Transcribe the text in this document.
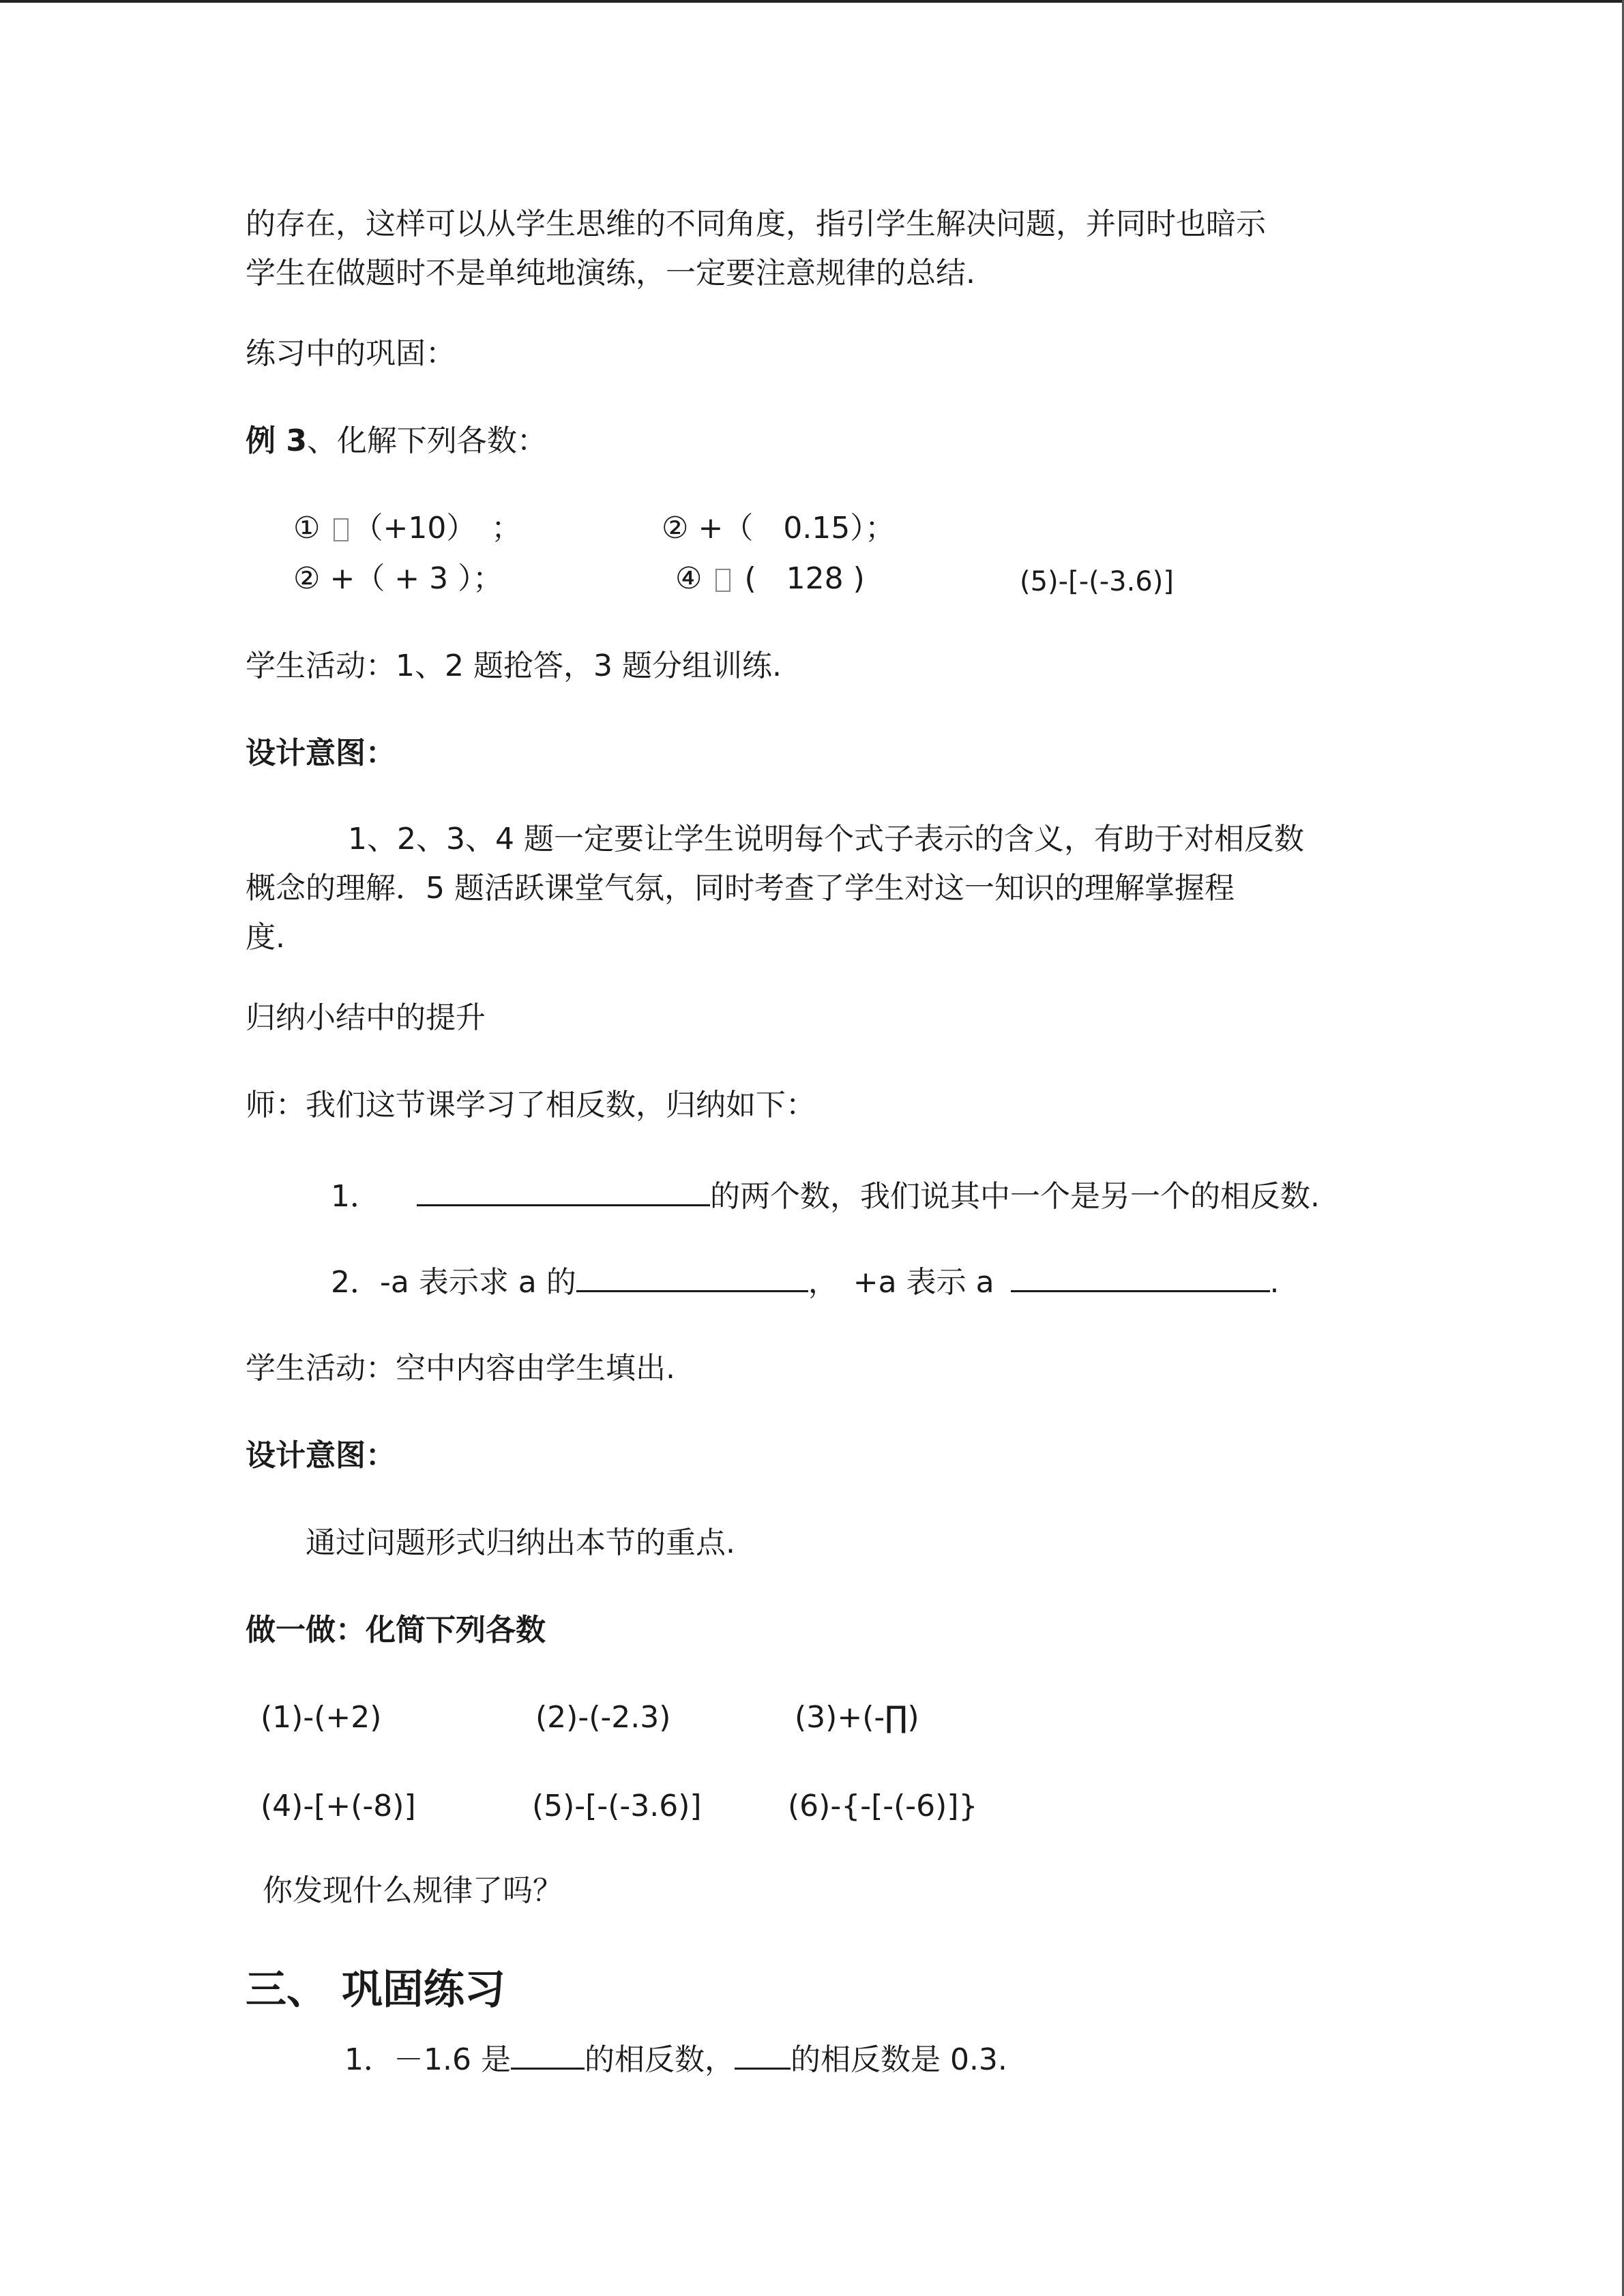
的存在，这样可以从学生思维的不同角度，指引学生解决问题，并同时也暗示
学生在做题时不是单纯地演练，一定要注意规律的总结.
练习中的巩固：
例 3、化解下列各数：
① （+10）　；	② +（　0.15）；
② +（ + 3 ）；	④ (　128 )	(5)-[-(-3.6)]
学生活动：1、2 题抢答，3 题分组训练.
设计意图：
1、2、3、4 题一定要让学生说明每个式子表示的含义，有助于对相反数
概念的理解．5 题活跃课堂气氛，同时考查了学生对这一知识的理解掌握程
度.
归纳小结中的提升
师：我们这节课学习了相反数，归纳如下：
1．	的两个数，我们说其中一个是另一个的相反数.
2．-a 表示求 a 的	，　+a 表示 a	.
学生活动：空中内容由学生填出.
设计意图：
通过问题形式归纳出本节的重点.
做一做：化简下列各数
(1)-(+2)	(2)-(-2.3)	(3)+(-∏)
(4)-[+(-8)]	(5)-[-(-3.6)]	(6)-{-[-(-6)]}
你发现什么规律了吗？
三、 巩固练习
1．－1.6 是 的相反数， 的相反数是 0.3.
